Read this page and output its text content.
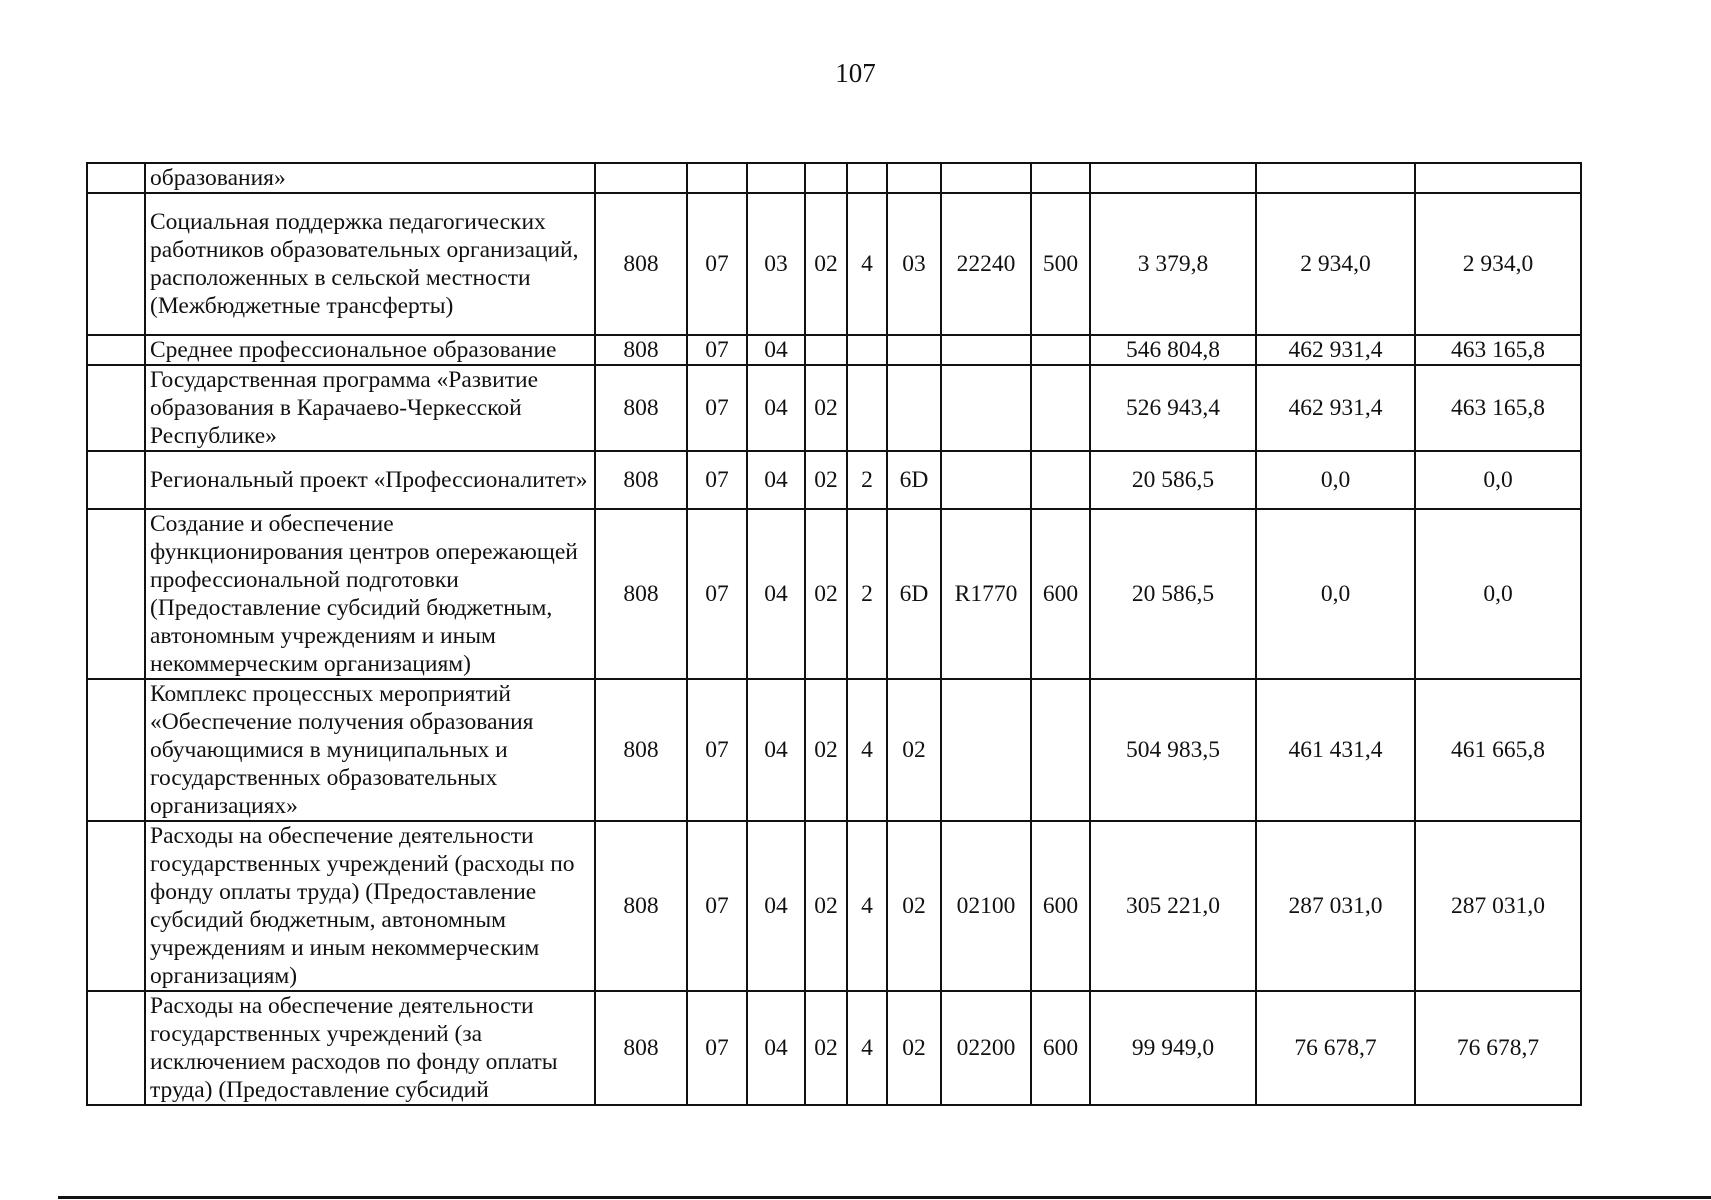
107
	образования»											
	Социальная поддержка педагогических работников образовательных организаций, расположенных в сельской местности (Межбюджетные трансферты)	808	07	03	02	4	03	22240	500	3 379,8	2 934,0	2 934,0
	Среднее профессиональное образование	808	07	04						546 804,8	462 931,4	463 165,8
	Государственная программа «Развитие образования в Карачаево-Черкесской Республике»	808	07	04	02					526 943,4	462 931,4	463 165,8
	Региональный проект «Профессионалитет»	808	07	04	02	2	6D			20 586,5	0,0	0,0
	Создание и обеспечение функционирования центров опережающей профессиональной подготовки (Предоставление субсидий бюджетным, автономным учреждениям и иным некоммерческим организациям)	808	07	04	02	2	6D	R1770	600	20 586,5	0,0	0,0
	Комплекс процессных мероприятий «Обеспечение получения образования обучающимися в муниципальных и государственных образовательных организациях»	808	07	04	02	4	02			504 983,5	461 431,4	461 665,8
	Расходы на обеспечение деятельности государственных учреждений (расходы по фонду оплаты труда) (Предоставление субсидий бюджетным, автономным учреждениям и иным некоммерческим организациям)	808	07	04	02	4	02	02100	600	305 221,0	287 031,0	287 031,0
	Расходы на обеспечение деятельности государственных учреждений (за исключением расходов по фонду оплаты труда) (Предоставление субсидий	808	07	04	02	4	02	02200	600	99 949,0	76 678,7	76 678,7
